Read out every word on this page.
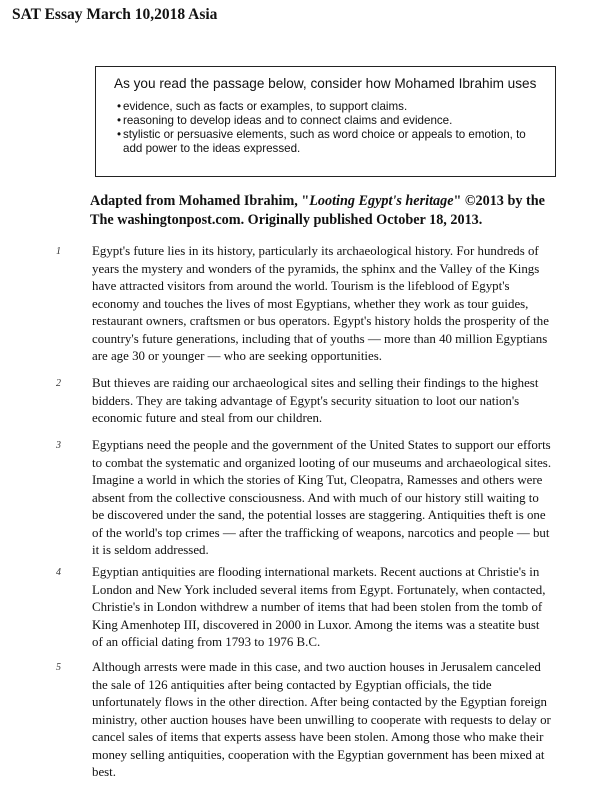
SAT Essay March 10,2018 Asia

As you read the passage below, consider how Mohamed Ibrahim uses

• evidence, such as facts or examples, to support claims.
• reasoning to develop ideas and to connect claims and evidence.
• stylistic or persuasive elements, such as word choice or appeals to emotion, to add power to the ideas expressed.
Adapted from Mohamed Ibrahim, "Looting Egypt's heritage" ©2013 by the The washingtonpost.com. Originally published October 18, 2013.
1	Egypt's future lies in its history, particularly its archaeological history. For hundreds of years the mystery and wonders of the pyramids, the sphinx and the Valley of the Kings have attracted visitors from around the world. Tourism is the lifeblood of Egypt's economy and touches the lives of most Egyptians, whether they work as tour guides, restaurant owners, craftsmen or bus operators. Egypt's history holds the prosperity of the country's future generations, including that of youths — more than 40 million Egyptians are age 30 or younger — who are seeking opportunities.
2	But thieves are raiding our archaeological sites and selling their findings to the highest bidders. They are taking advantage of Egypt's security situation to loot our nation's economic future and steal from our children.
3	Egyptians need the people and the government of the United States to support our efforts to combat the systematic and organized looting of our museums and archaeological sites. Imagine a world in which the stories of King Tut, Cleopatra, Ramesses and others were absent from the collective consciousness. And with much of our history still waiting to be discovered under the sand, the potential losses are staggering. Antiquities theft is one of the world's top crimes — after the trafficking of weapons, narcotics and people — but it is seldom addressed.
4	Egyptian antiquities are flooding international markets. Recent auctions at Christie's in London and New York included several items from Egypt. Fortunately, when contacted, Christie's in London withdrew a number of items that had been stolen from the tomb of King Amenhotep III, discovered in 2000 in Luxor. Among the items was a steatite bust of an official dating from 1793 to 1976 B.C.
5	Although arrests were made in this case, and two auction houses in Jerusalem canceled the sale of 126 antiquities after being contacted by Egyptian officials, the tide unfortunately flows in the other direction. After being contacted by the Egyptian foreign ministry, other auction houses have been unwilling to cooperate with requests to delay or cancel sales of items that experts assess have been stolen. Among those who make their money selling antiquities, cooperation with the Egyptian government has been mixed at best.
